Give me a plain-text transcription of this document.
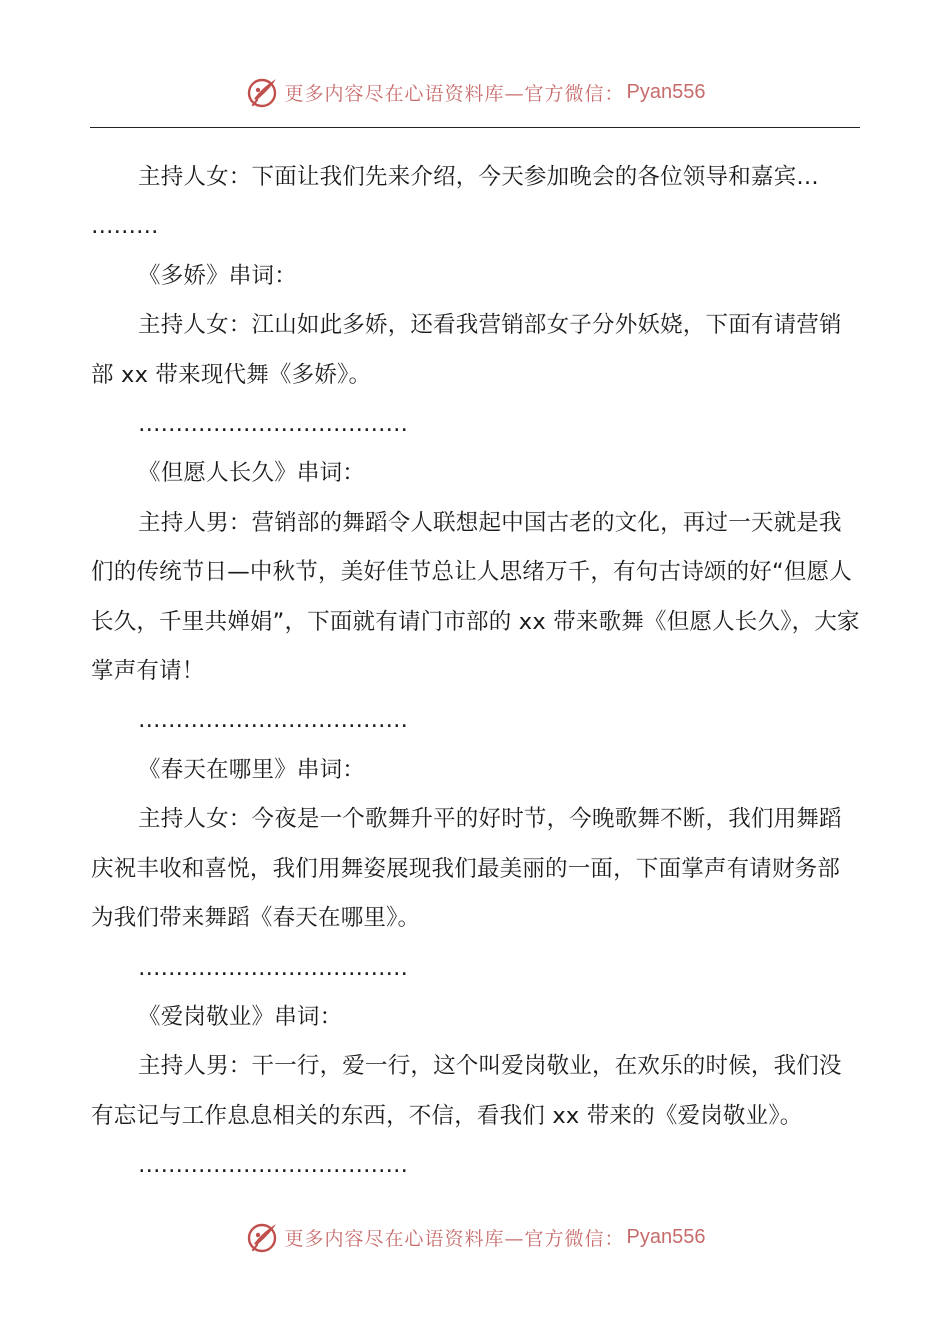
更多内容尽在心语资料库—官方微信： Pyan556

主持人女：下面让我们先来介绍，今天参加晚会的各位领导和嘉宾…

………

《多娇》串词：

主持人女：江山如此多娇，还看我营销部女子分外妖娆，下面有请营销部 xx 带来现代舞《多娇》。

………………………………

《但愿人长久》串词：

主持人男：营销部的舞蹈令人联想起中国古老的文化，再过一天就是我们的传统节日—中秋节，美好佳节总让人思绪万千，有句古诗颂的好“但愿人长久，千里共婵娟”，下面就有请门市部的 xx 带来歌舞《但愿人长久》，大家掌声有请！

………………………………

《春天在哪里》串词：

主持人女：今夜是一个歌舞升平的好时节，今晚歌舞不断，我们用舞蹈庆祝丰收和喜悦，我们用舞姿展现我们最美丽的一面，下面掌声有请财务部为我们带来舞蹈《春天在哪里》。

………………………………

《爱岗敬业》串词：

主持人男：干一行，爱一行，这个叫爱岗敬业，在欢乐的时候，我们没有忘记与工作息息相关的东西，不信，看我们 xx 带来的《爱岗敬业》。

………………………………

更多内容尽在心语资料库—官方微信： Pyan556
